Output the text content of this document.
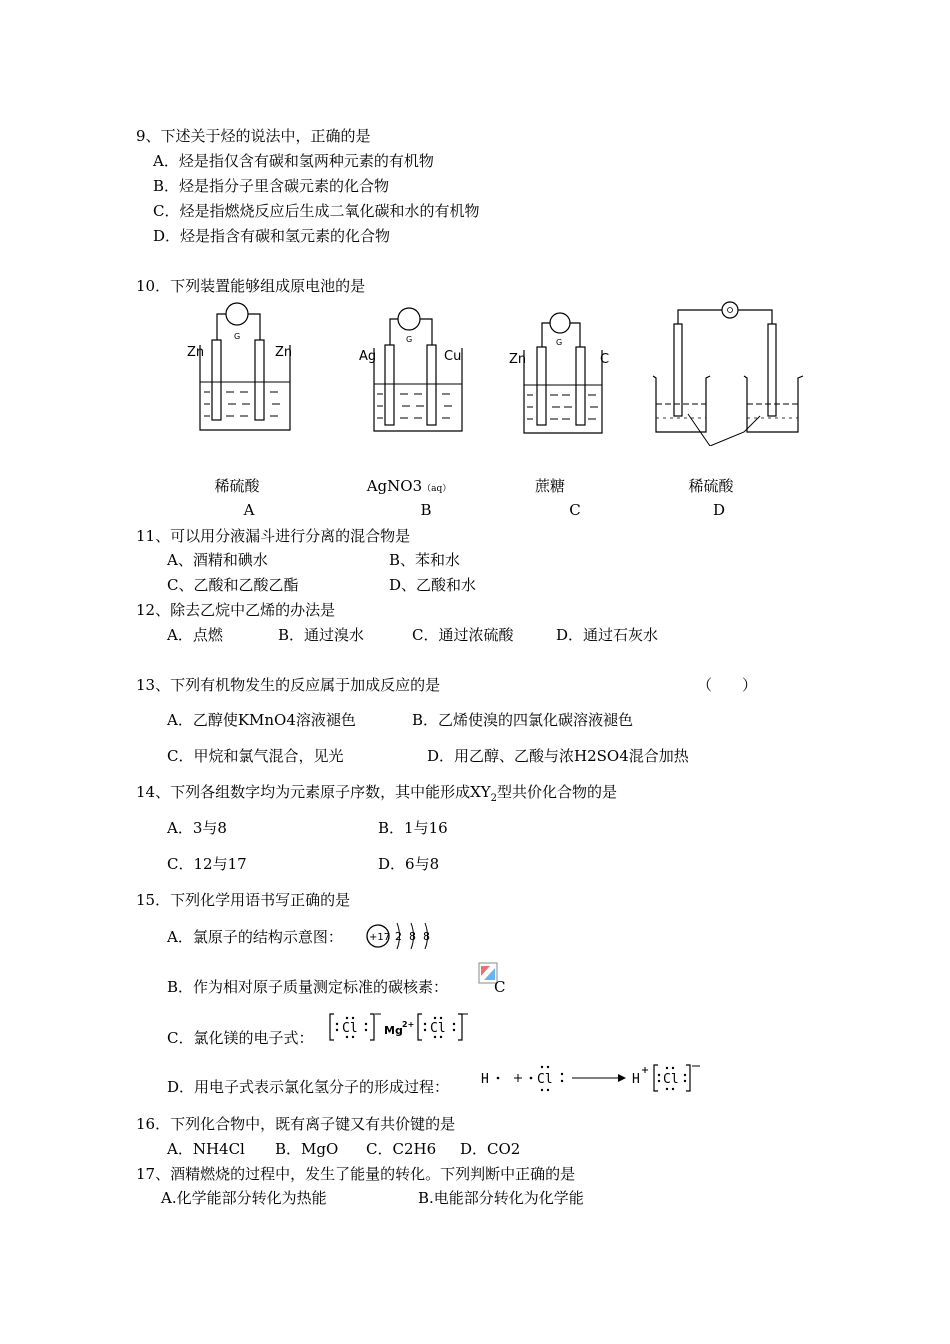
9、下述关于烃的说法中，正确的是
A．烃是指仅含有碳和氢两种元素的有机物
B．烃是指分子里含碳元素的化合物
C．烃是指燃烧反应后生成二氧化碳和水的有机物
D．烃是指含有碳和氢元素的化合物
10．下列装置能够组成原电池的是
G
Zn	Zn
G
Ag	Cu
G
Zn	C
稀硫酸	AgNO3（aq）	蔗糖	稀硫酸
A	B	C	D
11、可以用分液漏斗进行分离的混合物是
A、酒精和碘水	B、苯和水
C、乙酸和乙酸乙酯	D、乙酸和水
12、除去乙烷中乙烯的办法是
A．点燃	B．通过溴水	C．通过浓硫酸	D．通过石灰水
13、下列有机物发生的反应属于加成反应的是	（　　）
A．乙醇使KMnO4溶液褪色	B．乙烯使溴的四氯化碳溶液褪色
C．甲烷和氯气混合，见光	D．用乙醇、乙酸与浓H2SO4混合加热
14、下列各组数字均为元素原子序数，其中能形成$XY_2$型共价化合物的是
A．3与8	B．1与16
C．12与17	D．6与8
15．下列化学用语书写正确的是
A．氯原子的结构示意图：	+17 2 8 8
B．作为相对原子质量测定标准的碳核素：	C
C．氯化镁的电子式：
Cl Mg 2+ Cl
D．用电子式表示氯化氢分子的形成过程： H	Cl	H Cl
16．下列化合物中，既有离子键又有共价键的是
A．NH4Cl B．MgO C．C2H6 D．CO2
17、酒精燃烧的过程中，发生了能量的转化。下列判断中正确的是
A.化学能部分转化为热能	B.电能部分转化为化学能
